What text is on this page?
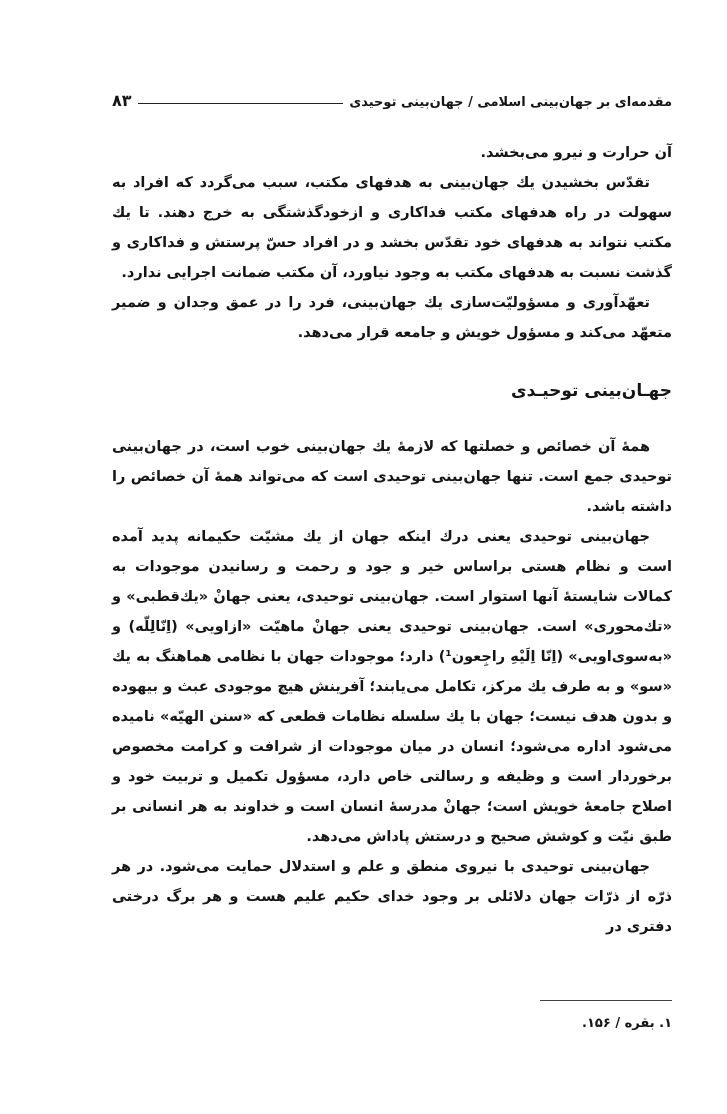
مقدمه‌ای بر جهان‌بینی اسلامی / جهان‌بینی توحیدی
۸۳

آن حرارت و نیرو می‌بخشد.

تقدّس بخشیدن یك جهان‌بینی به هدفهای مکتب، سبب می‌گردد که افراد به سهولت در راه هدفهای مکتب فداکاری و ازخودگذشتگی به خرج دهند. تا یك مکتب نتواند به هدفهای خود تقدّس بخشد و در افراد حسّ پرستش و فداکاری و گذشت نسبت به هدفهای مکتب به وجود نیاورد، آن مکتب ضمانت اجرایی ندارد.

تعهّدآوری و مسؤولیّت‌سازی یك جهان‌بینی، فرد را در عمق وجدان و ضمیر متعهّد می‌کند و مسؤول خویش و جامعه قرار می‌دهد.

جهـان‌بینی توحیـدی

همهٔ آن خصائص و خصلتها که لازمهٔ یك جهان‌بینی خوب است، در جهان‌بینی توحیدی جمع است. تنها جهان‌بینی توحیدی است که می‌تواند همهٔ آن خصائص را داشته باشد.

جهان‌بینی توحیدی یعنی درك اینکه جهان از یك مشیّت حکیمانه پدید آمده است و نظام هستی براساس خیر و جود و رحمت و رسانیدن موجودات به کمالات شایستهٔ آنها استوار است. جهان‌بینی توحیدی، یعنی جهانْ «یك‌قطبی» و «تك‌محوری» است. جهان‌بینی توحیدی یعنی جهانْ ماهیّت «ازاویی» (اِنّالِلّه) و «به‌سوی‌اویی» (اِنّا اِلَیْهِ راجِعون¹) دارد؛ موجودات جهان با نظامی هماهنگ به یك «سو» و به طرف یك مرکز، تکامل می‌یابند؛ آفرینش هیچ موجودی عبث و بیهوده و بدون هدف نیست؛ جهان با یك سلسله نظامات قطعی که «سنن الهیّه» نامیده می‌شود اداره می‌شود؛ انسان در میان موجودات از شرافت و کرامت مخصوص برخوردار است و وظیفه و رسالتی خاص دارد، مسؤول تکمیل و تربیت خود و اصلاح جامعهٔ خویش است؛ جهانْ مدرسهٔ انسان است و خداوند به هر انسانی بر طبق نیّت و کوشش صحیح و درستش پاداش می‌دهد.

جهان‌بینی توحیدی با نیروی منطق و علم و استدلال حمایت می‌شود. در هر ذرّه از ذرّات جهان دلائلی بر وجود خدای حکیم علیم هست و هر برگ درختی دفتری در

۱. بقره / ۱۵۶.
